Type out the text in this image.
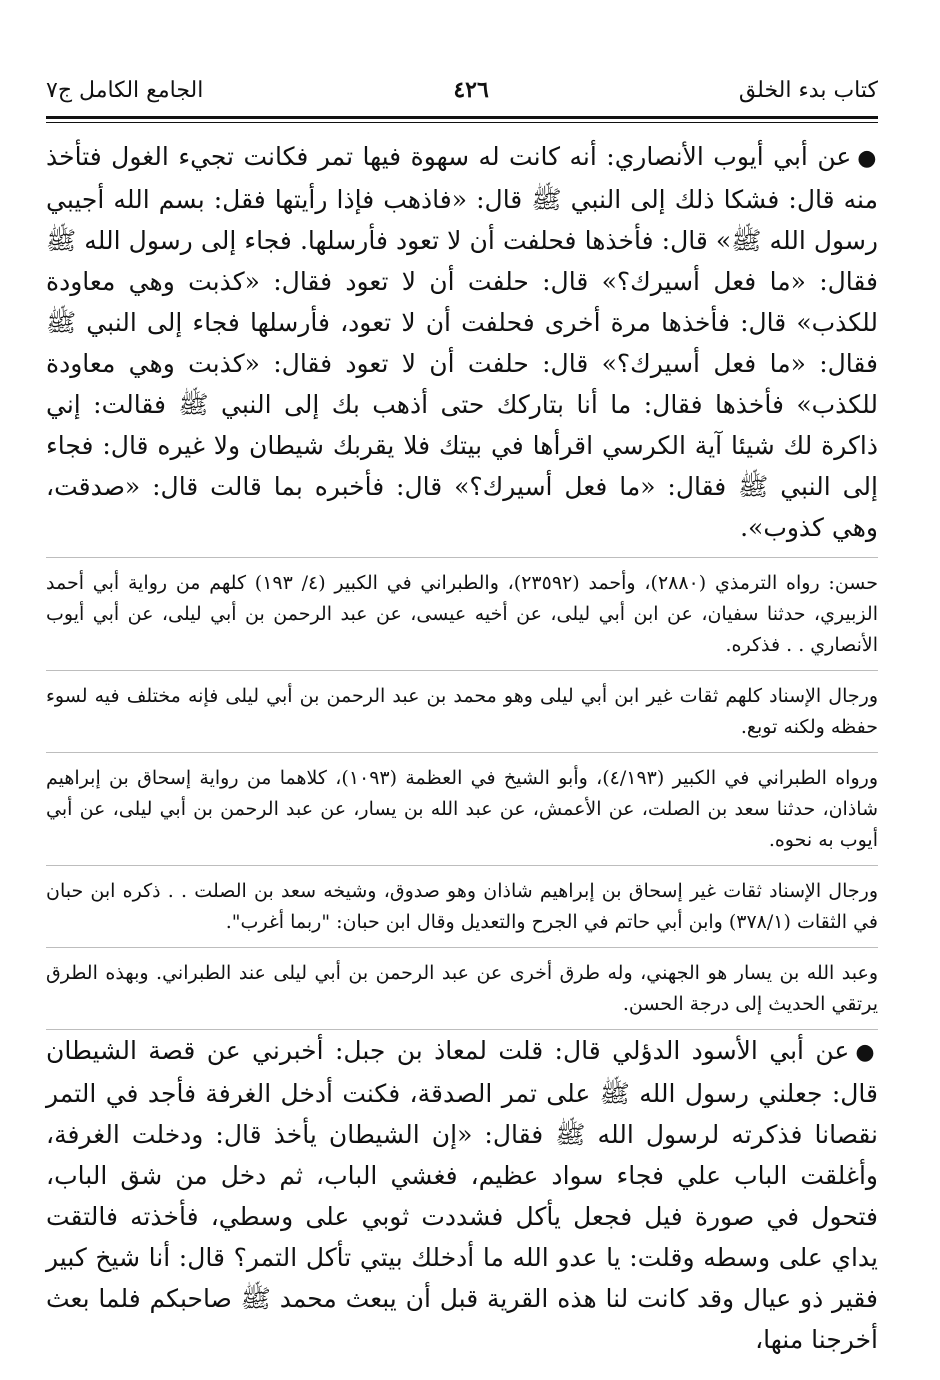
كتاب بدء الخلق
٤٢٦
الجامع الكامل ج٧

●عن أبي أيوب الأنصاري: أنه كانت له سهوة فيها تمر فكانت تجيء الغول فتأخذ منه قال: فشكا ذلك إلى النبي ﷺ قال: «فاذهب فإذا رأيتها فقل: بسم الله أجيبي رسول الله ﷺ» قال: فأخذها فحلفت أن لا تعود فأرسلها. فجاء إلى رسول الله ﷺ فقال: «ما فعل أسيرك؟» قال: حلفت أن لا تعود فقال: «كذبت وهي معاودة للكذب» قال: فأخذها مرة أخرى فحلفت أن لا تعود، فأرسلها فجاء إلى النبي ﷺ فقال: «ما فعل أسيرك؟» قال: حلفت أن لا تعود فقال: «كذبت وهي معاودة للكذب» فأخذها فقال: ما أنا بتاركك حتى أذهب بك إلى النبي ﷺ فقالت: إني ذاكرة لك شيئا آية الكرسي اقرأها في بيتك فلا يقربك شيطان ولا غيره قال: فجاء إلى النبي ﷺ فقال: «ما فعل أسيرك؟» قال: فأخبره بما قالت قال: «صدقت، وهي كذوب».

حسن: رواه الترمذي (٢٨٨٠)، وأحمد (٢٣٥٩٢)، والطبراني في الكبير (٤/ ١٩٣) كلهم من رواية أبي أحمد الزبيري، حدثنا سفيان، عن ابن أبي ليلى، عن أخيه عيسى، عن عبد الرحمن بن أبي ليلى، عن أبي أيوب الأنصاري . . فذكره.

ورجال الإسناد كلهم ثقات غير ابن أبي ليلى وهو محمد بن عبد الرحمن بن أبي ليلى فإنه مختلف فيه لسوء حفظه ولكنه توبع.

ورواه الطبراني في الكبير (٤/١٩٣)، وأبو الشيخ في العظمة (١٠٩٣)، كلاهما من رواية إسحاق بن إبراهيم شاذان، حدثنا سعد بن الصلت، عن الأعمش، عن عبد الله بن يسار، عن عبد الرحمن بن أبي ليلى، عن أبي أيوب به نحوه.

ورجال الإسناد ثقات غير إسحاق بن إبراهيم شاذان وهو صدوق، وشيخه سعد بن الصلت . . ذكره ابن حبان في الثقات (٣٧٨/١) وابن أبي حاتم في الجرح والتعديل وقال ابن حبان: "ربما أغرب".

وعبد الله بن يسار هو الجهني، وله طرق أخرى عن عبد الرحمن بن أبي ليلى عند الطبراني. وبهذه الطرق يرتقي الحديث إلى درجة الحسن.

●عن أبي الأسود الدؤلي قال: قلت لمعاذ بن جبل: أخبرني عن قصة الشيطان قال: جعلني رسول الله ﷺ على تمر الصدقة، فكنت أدخل الغرفة فأجد في التمر نقصانا فذكرته لرسول الله ﷺ فقال: «إن الشيطان يأخذ قال: ودخلت الغرفة، وأغلقت الباب علي فجاء سواد عظيم، فغشي الباب، ثم دخل من شق الباب، فتحول في صورة فيل فجعل يأكل فشددت ثوبي على وسطي، فأخذته فالتقت يداي على وسطه وقلت: يا عدو الله ما أدخلك بيتي تأكل التمر؟ قال: أنا شيخ كبير فقير ذو عيال وقد كانت لنا هذه القرية قبل أن يبعث محمد ﷺ صاحبكم فلما بعث أخرجنا منها،
